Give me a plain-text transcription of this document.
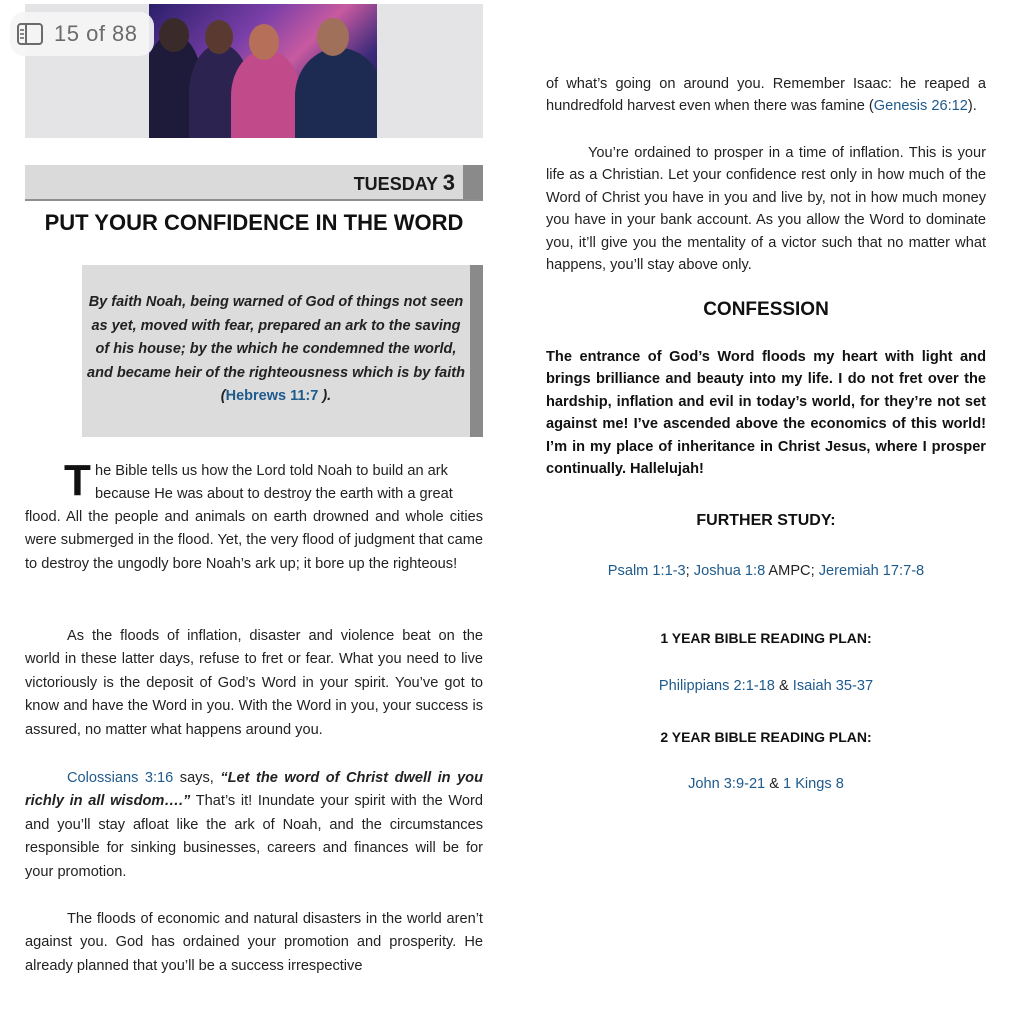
15 of 88
TUESDAY 3
PUT YOUR CONFIDENCE IN THE WORD
By faith Noah, being warned of God of things not seen as yet, moved with fear, prepared an ark to the saving of his house; by the which he condemned the world, and became heir of the righteousness which is by faith (Hebrews 11:7 ).
T he Bible tells us how the Lord told Noah to build an ark
because He was about to destroy the earth with a great
flood. All the people and animals on earth drowned and whole cities were submerged in the flood. Yet, the very flood of judgment that came to destroy the ungodly bore Noah’s ark up; it bore up the righteous!
As the floods of inflation, disaster and violence beat on the world in these latter days, refuse to fret or fear. What you need to live victoriously is the deposit of God’s Word in your spirit. You’ve got to know and have the Word in you. With the Word in you, your success is assured, no matter what happens around you.
Colossians 3:16 says, “Let the word of Christ dwell in you richly in all wisdom….” That’s it! Inundate your spirit with the Word and you’ll stay afloat like the ark of Noah, and the circumstances responsible for sinking businesses, careers and finances will be for your promotion.
The floods of economic and natural disasters in the world aren’t against you. God has ordained your promotion and prosperity. He already planned that you’ll be a success irrespective
of what’s going on around you. Remember Isaac: he reaped a hundredfold harvest even when there was famine (Genesis 26:12).
You’re ordained to prosper in a time of inflation. This is your life as a Christian. Let your confidence rest only in how much of the Word of Christ you have in you and live by, not in how much money you have in your bank account. As you allow the Word to dominate you, it’ll give you the mentality of a victor such that no matter what happens, you’ll stay above only.
CONFESSION
The entrance of God’s Word floods my heart with light and brings brilliance and beauty into my life. I do not fret over the hardship, inflation and evil in today’s world, for they’re not set against me! I’ve ascended above the economics of this world! I’m in my place of inheritance in Christ Jesus, where I prosper continually. Hallelujah!
FURTHER STUDY:
Psalm 1:1-3; Joshua 1:8 AMPC; Jeremiah 17:7-8
1 YEAR BIBLE READING PLAN:
Philippians 2:1-18 & Isaiah 35-37
2 YEAR BIBLE READING PLAN:
John 3:9-21 & 1 Kings 8
